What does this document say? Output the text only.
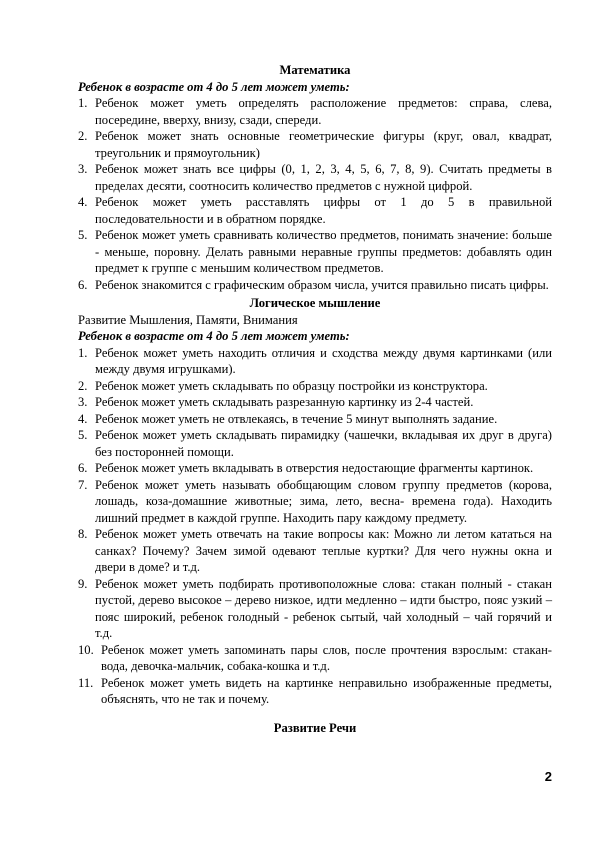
Математика

Ребенок в возрасте от 4 до 5 лет может уметь:

1. Ребенок может уметь определять расположение предметов: справа, слева, посередине, вверху, внизу, сзади, спереди.
2. Ребенок может знать основные геометрические фигуры (круг, овал, квадрат, треугольник и прямоугольник)
3. Ребенок может знать все цифры (0, 1, 2, 3, 4, 5, 6, 7, 8, 9). Считать предметы в пределах десяти, соотносить количество предметов с нужной цифрой.
4. Ребенок может уметь расставлять цифры от 1 до 5 в правильной последовательности и в обратном порядке.
5. Ребенок может уметь сравнивать количество предметов, понимать значение: больше - меньше, поровну. Делать равными неравные группы предметов: добавлять один предмет к группе с меньшим количеством предметов.
6. Ребенок знакомится с графическим образом числа, учится правильно писать цифры.

Логическое мышление

Развитие Мышления, Памяти, Внимания

Ребенок в возрасте от 4 до 5 лет может уметь:

1. Ребенок может уметь находить отличия и сходства между двумя картинками (или между двумя игрушками).
2. Ребенок может уметь складывать по образцу постройки из конструктора.
3. Ребенок может уметь складывать разрезанную картинку из 2-4 частей.
4. Ребенок может уметь не отвлекаясь, в течение 5 минут выполнять задание.
5. Ребенок может уметь складывать пирамидку (чашечки, вкладывая их друг в друга) без посторонней помощи.
6. Ребенок может уметь вкладывать в отверстия недостающие фрагменты картинок.
7. Ребенок может уметь называть обобщающим словом группу предметов (корова, лошадь, коза-домашние животные; зима, лето, весна- времена года). Находить лишний предмет в каждой группе. Находить пару каждому предмету.
8. Ребенок может уметь отвечать на такие вопросы как: Можно ли летом кататься на санках? Почему? Зачем зимой одевают теплые куртки? Для чего нужны окна и двери в доме? и т.д.
9. Ребенок может уметь подбирать противоположные слова: стакан полный - стакан пустой, дерево высокое – дерево низкое, идти медленно – идти быстро, пояс узкий – пояс широкий, ребенок голодный - ребенок сытый, чай холодный – чай горячий и т.д.
10. Ребенок может уметь запоминать пары слов, после прочтения взрослым: стакан-вода, девочка-мальчик, собака-кошка и т.д.
11. Ребенок может уметь видеть на картинке неправильно изображенные предметы, объяснять, что не так и почему.

Развитие Речи

2
